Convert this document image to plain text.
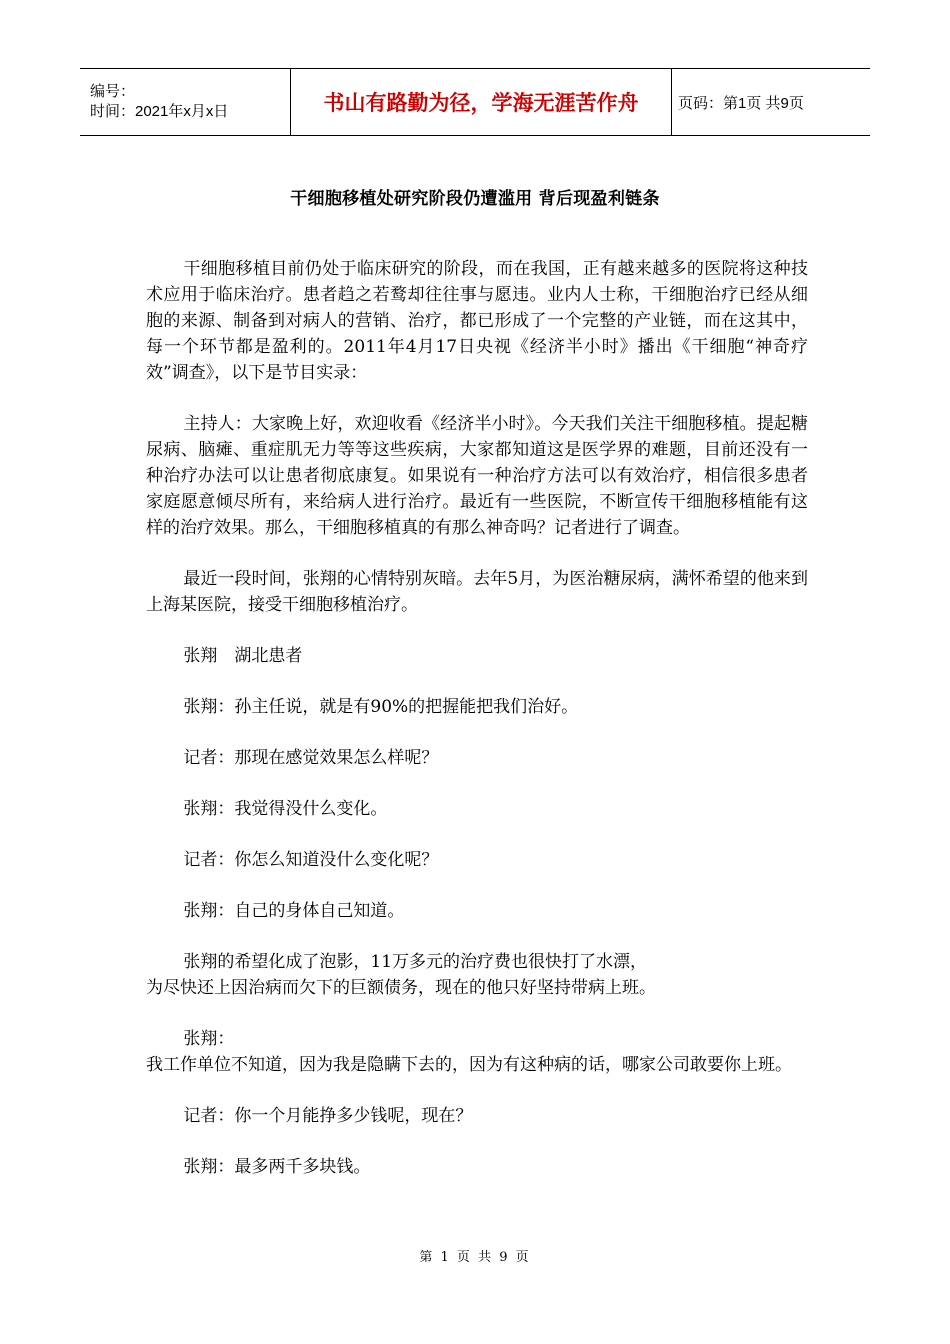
编号：
时间：2021年x月x日	书山有路勤为径，学海无涯苦作舟	页码：第1页 共9页
干细胞移植处研究阶段仍遭滥用 背后现盈利链条

干细胞移植目前仍处于临床研究的阶段，而在我国，正有越来越多的医院将这种技术应用于临床治疗。患者趋之若鹜却往往事与愿违。业内人士称，干细胞治疗已经从细胞的来源、制备到对病人的营销、治疗，都已形成了一个完整的产业链，而在这其中，每一个环节都是盈利的。2011年4月17日央视《经济半小时》播出《干细胞“神奇疗效”调查》，以下是节目实录：

主持人：大家晚上好，欢迎收看《经济半小时》。今天我们关注干细胞移植。提起糖尿病、脑瘫、重症肌无力等等这些疾病，大家都知道这是医学界的难题，目前还没有一种治疗办法可以让患者彻底康复。如果说有一种治疗方法可以有效治疗，相信很多患者家庭愿意倾尽所有，来给病人进行治疗。最近有一些医院，不断宣传干细胞移植能有这样的治疗效果。那么，干细胞移植真的有那么神奇吗？记者进行了调查。

最近一段时间，张翔的心情特别灰暗。去年5月，为医治糖尿病，满怀希望的他来到上海某医院，接受干细胞移植治疗。

张翔　湖北患者

张翔：孙主任说，就是有90%的把握能把我们治好。

记者：那现在感觉效果怎么样呢？

张翔：我觉得没什么变化。

记者：你怎么知道没什么变化呢？

张翔：自己的身体自己知道。

张翔的希望化成了泡影，11万多元的治疗费也很快打了水漂，
为尽快还上因治病而欠下的巨额债务，现在的他只好坚持带病上班。

张翔：
我工作单位不知道，因为我是隐瞒下去的，因为有这种病的话，哪家公司敢要你上班。

记者：你一个月能挣多少钱呢，现在？

张翔：最多两千多块钱。

第 1 页 共 9 页
